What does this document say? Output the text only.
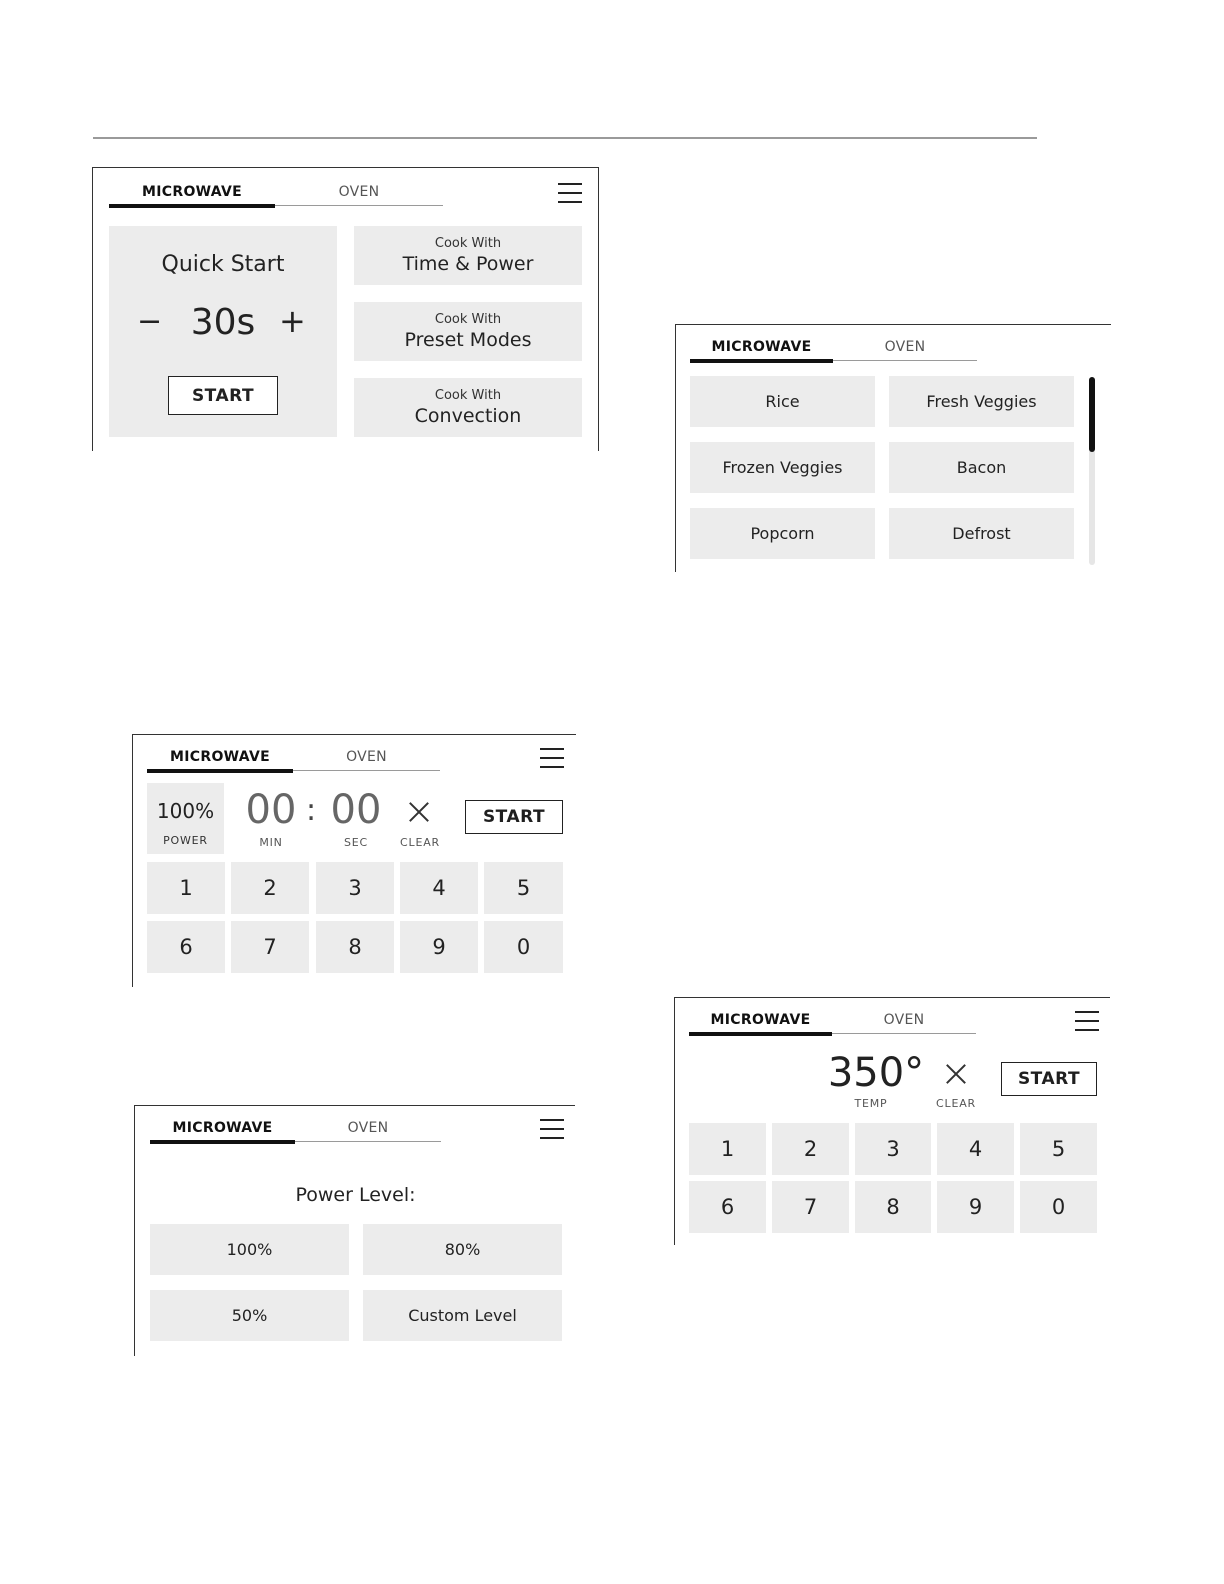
MICROWAVE	OVEN
Quick Start
− 30s +
START
Cook With
Time & Power
Cook With
Preset Modes
Cook With
Convection
MICROWAVE	OVEN
Rice	Fresh Veggies
Frozen Veggies	Bacon
Popcorn	Defrost
MICROWAVE	OVEN
100%
POWER
00 : 00
MIN	SEC	CLEAR
START
1	2	3	4	5
6	7	8	9	0
MICROWAVE	OVEN
Power Level:
100%	80%
50%	Custom Level
MICROWAVE	OVEN
350°
TEMP	CLEAR
START
1	2	3	4	5
6	7	8	9	0
